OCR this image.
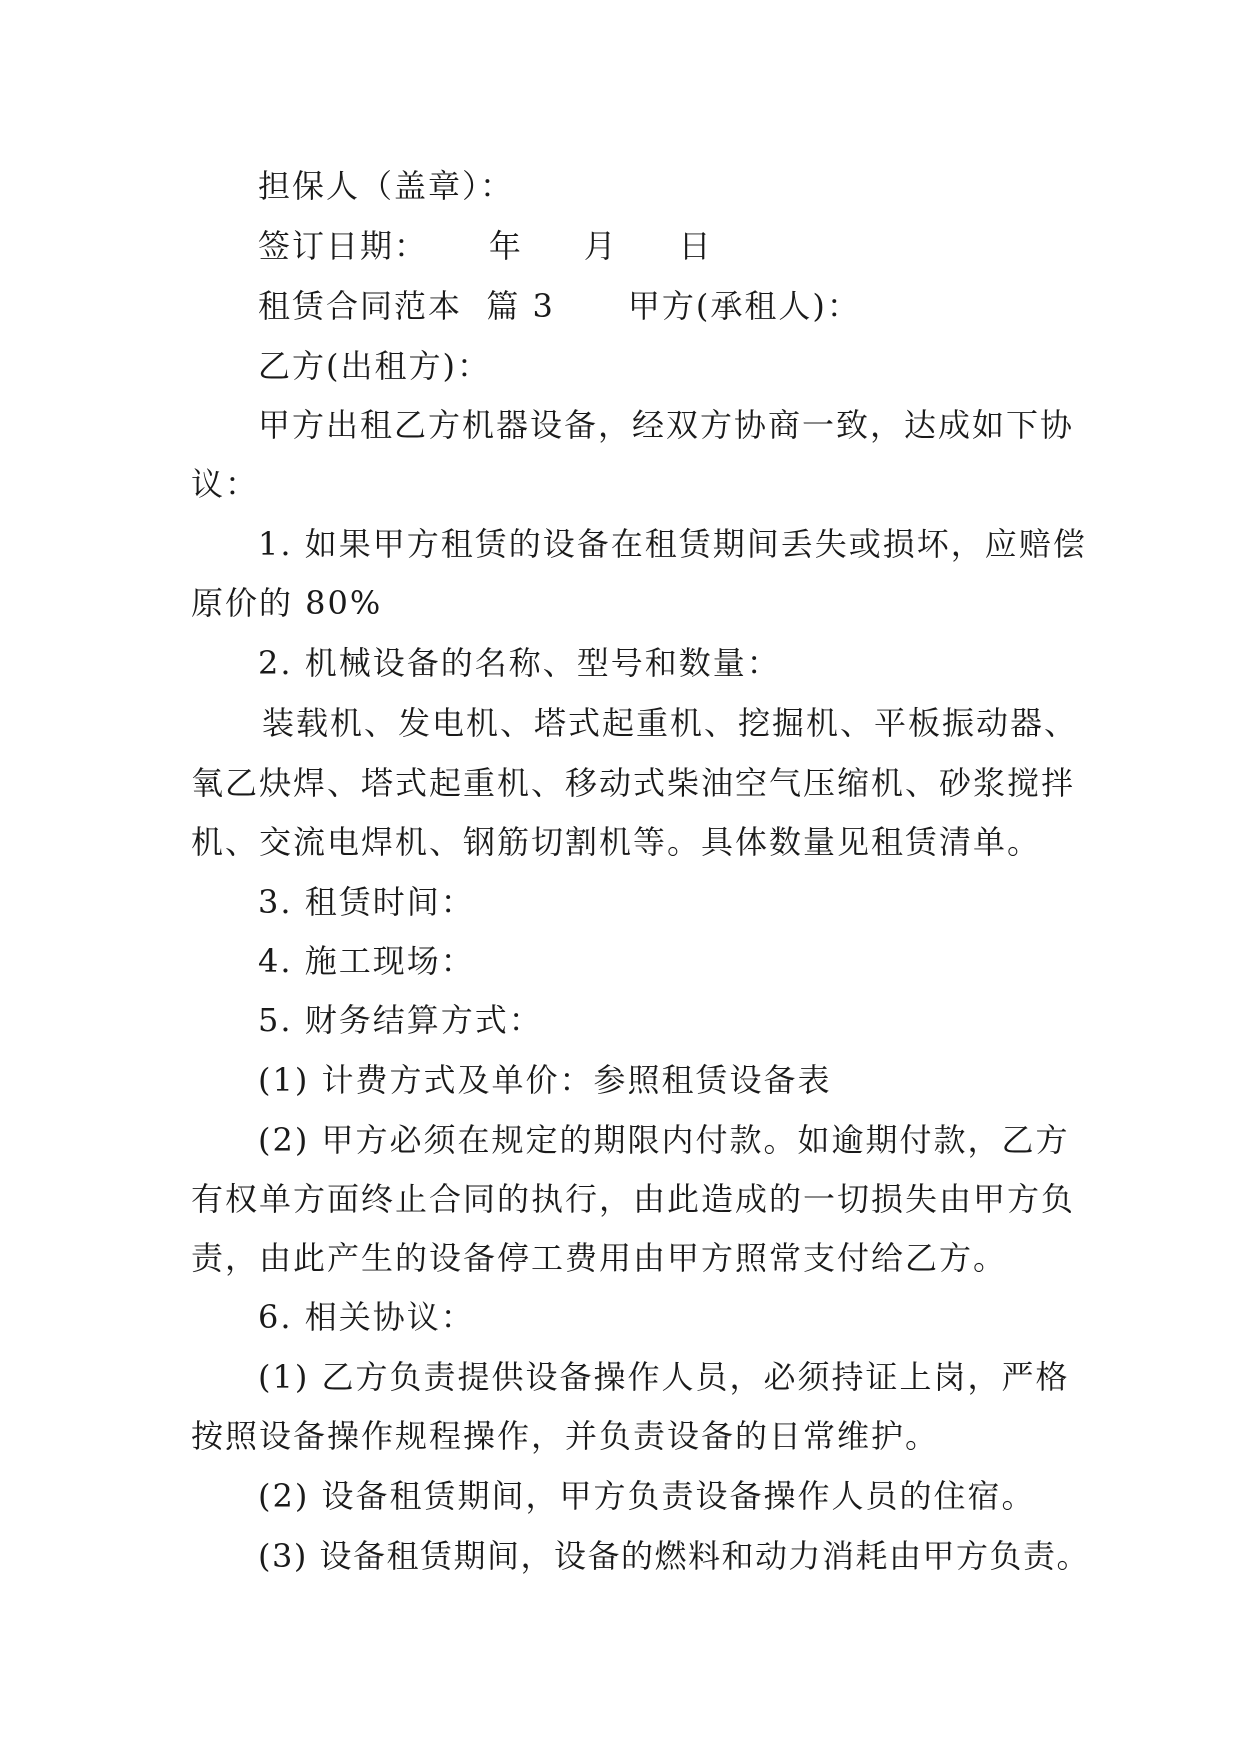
担保人（盖章）：

签订日期：     年     月     日

租赁合同范本  篇 3      甲方(承租人)：

乙方(出租方)：

甲方出租乙方机器设备，经双方协商一致，达成如下协

议：

1. 如果甲方租赁的设备在租赁期间丢失或损坏，应赔偿

原价的 80%

2. 机械设备的名称、型号和数量：

装载机、发电机、塔式起重机、挖掘机、平板振动器、

氧乙炔焊、塔式起重机、移动式柴油空气压缩机、砂浆搅拌

机、交流电焊机、钢筋切割机等。具体数量见租赁清单。

3. 租赁时间：

4. 施工现场：

5. 财务结算方式：

(1) 计费方式及单价：参照租赁设备表

(2) 甲方必须在规定的期限内付款。如逾期付款，乙方

有权单方面终止合同的执行，由此造成的一切损失由甲方负

责，由此产生的设备停工费用由甲方照常支付给乙方。

6. 相关协议：

(1) 乙方负责提供设备操作人员，必须持证上岗，严格

按照设备操作规程操作，并负责设备的日常维护。

(2) 设备租赁期间，甲方负责设备操作人员的住宿。

(3) 设备租赁期间，设备的燃料和动力消耗由甲方负责。
